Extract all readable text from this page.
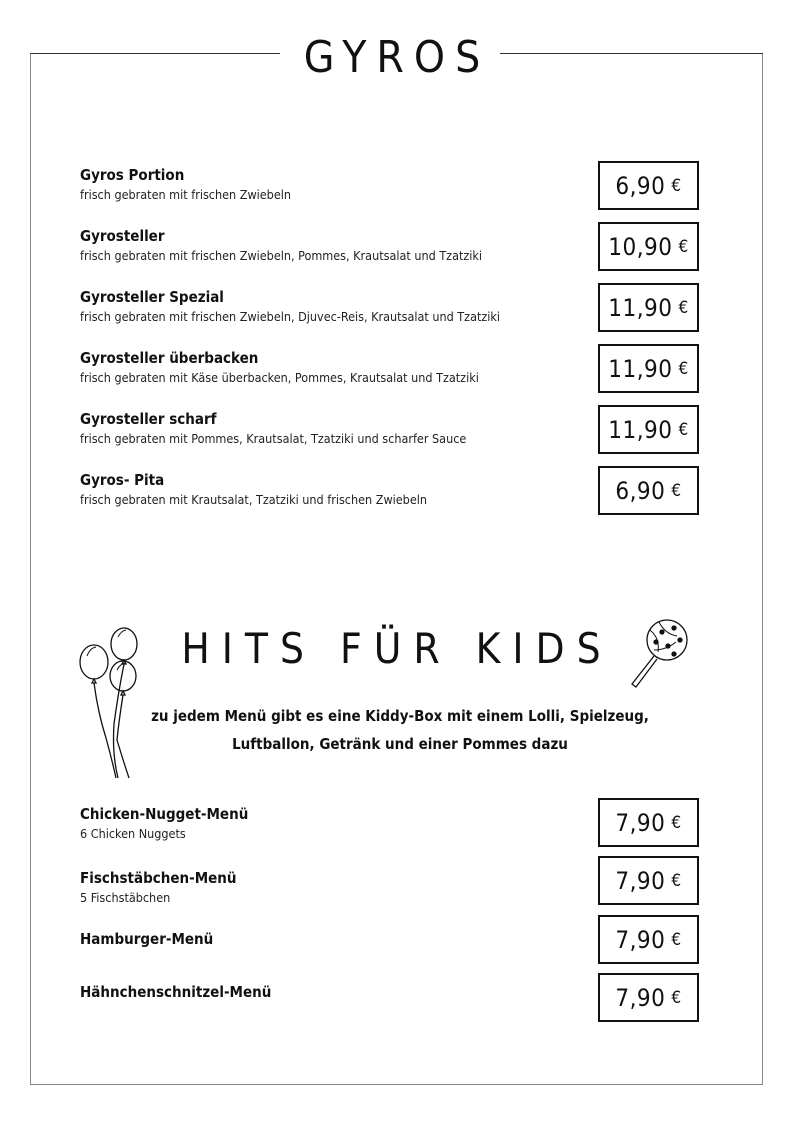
GYROS
Gyros Portion
frisch gebraten mit frischen Zwiebeln	6,90 €
Gyrosteller
frisch gebraten mit frischen Zwiebeln, Pommes, Krautsalat und Tzatziki	10,90 €
Gyrosteller Spezial
frisch gebraten mit frischen Zwiebeln, Djuvec-Reis, Krautsalat und Tzatziki	11,90 €
Gyrosteller überbacken
frisch gebraten mit Käse überbacken, Pommes, Krautsalat und Tzatziki	11,90 €
Gyrosteller scharf
frisch gebraten mit Pommes, Krautsalat, Tzatziki und scharfer Sauce	11,90 €
Gyros- Pita
frisch gebraten mit Krautsalat, Tzatziki und frischen Zwiebeln	6,90 €
HITS FÜR KIDS

zu jedem Menü gibt es eine Kiddy-Box mit einem Lolli, Spielzeug,
Luftballon, Getränk und einer Pommes dazu

Chicken-Nugget-Menü
6 Chicken Nuggets	7,90 €
Fischstäbchen-Menü
5 Fischstäbchen
7,90 €
Hamburger-Menü	7,90 €
Hähnchenschnitzel-Menü	7,90 €
